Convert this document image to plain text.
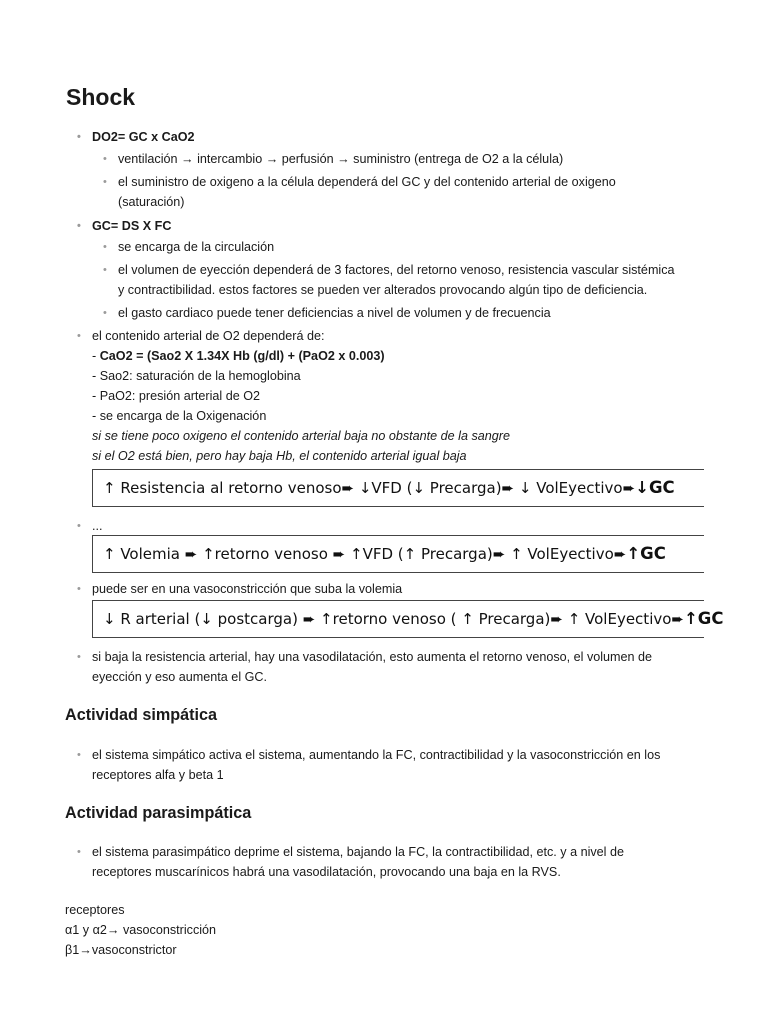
Shock
• DO2= GC x CaO2
• ventilación → intercambio → perfusión → suministro (entrega de O2 a la célula)
• el suministro de oxigeno a la célula dependerá del GC y del contenido arterial de oxigeno
(saturación)
• GC= DS X FC
• se encarga de la circulación
• el volumen de eyección dependerá de 3 factores, del retorno venoso, resistencia vascular sistémica
y contractibilidad. estos factores se pueden ver alterados provocando algún tipo de deficiencia.
• el gasto cardiaco puede tener deficiencias a nivel de volumen y de frecuencia
• el contenido arterial de O2 dependerá de:
- CaO2 = (Sao2 X 1.34X Hb (g/dl) + (PaO2 x 0.003)
- Sao2: saturación de la hemoglobina
- PaO2: presión arterial de O2
- se encarga de la Oxigenación
si se tiene poco oxigeno el contenido arterial baja no obstante de la sangre
si el O2 está bien, pero hay baja Hb, el contenido arterial igual baja
↑ Resistencia al retorno venoso➨ ↓VFD (↓ Precarga)➨ ↓ VolEyectivo➨↓GC
• ...
↑ Volemia ➨ ↑retorno venoso ➨ ↑VFD (↑ Precarga)➨ ↑ VolEyectivo➨↑GC
• puede ser en una vasoconstricción que suba la volemia
↓ R arterial (↓ postcarga) ➨ ↑retorno venoso ( ↑ Precarga)➨ ↑ VolEyectivo➨↑GC
• si baja la resistencia arterial, hay una vasodilatación, esto aumenta el retorno venoso, el volumen de
eyección y eso aumenta el GC.
Actividad simpática
• el sistema simpático activa el sistema, aumentando la FC, contractibilidad y la vasoconstricción en los
receptores alfa y beta 1
Actividad parasimpática
• el sistema parasimpático deprime el sistema, bajando la FC, la contractibilidad, etc. y a nivel de
receptores muscarínicos habrá una vasodilatación, provocando una baja en la RVS.
receptores
α1 y α2→ vasoconstricción
β1→vasoconstrictor
